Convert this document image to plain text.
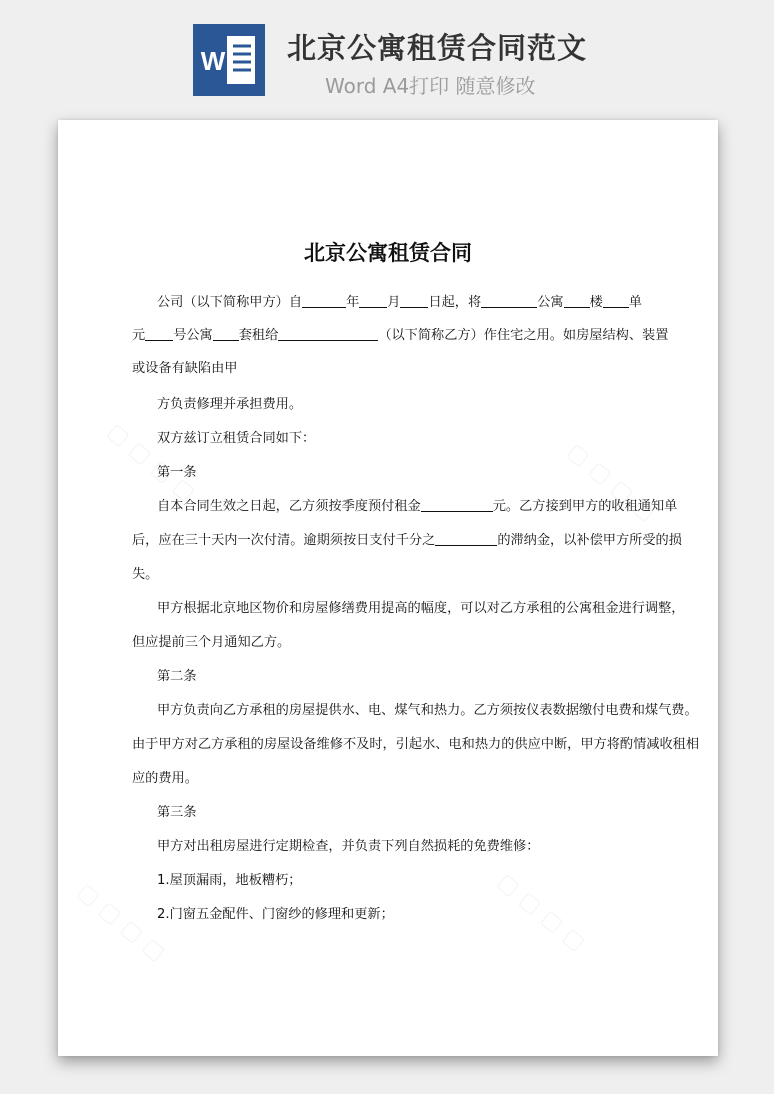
W 北京公寓租赁合同范文
Word A4打印 随意修改
北京公寓租赁合同
公司（以下简称甲方）自	年 月 日起，将	公寓 楼 单
元 号公寓 套租给	（以下简称乙方）作住宅之用。如房屋结构、装置
或设备有缺陷由甲
方负责修理并承担费用。
双方兹订立租赁合同如下：
第一条
自本合同生效之日起，乙方须按季度预付租金	元。乙方接到甲方的收租通知单
后，应在三十天内一次付清。逾期须按日支付千分之	的滞纳金，以补偿甲方所受的损
失。
甲方根据北京地区物价和房屋修缮费用提高的幅度，可以对乙方承租的公寓租金进行调整，
但应提前三个月通知乙方。
第二条
甲方负责向乙方承租的房屋提供水、电、煤气和热力。乙方须按仪表数据缴付电费和煤气费。
由于甲方对乙方承租的房屋设备维修不及时，引起水、电和热力的供应中断，甲方将酌情减收租相
应的费用。
第三条
甲方对出租房屋进行定期检查，并负责下列自然损耗的免费维修：
1.屋顶漏雨，地板糟朽；
2.门窗五金配件、门窗纱的修理和更新；
